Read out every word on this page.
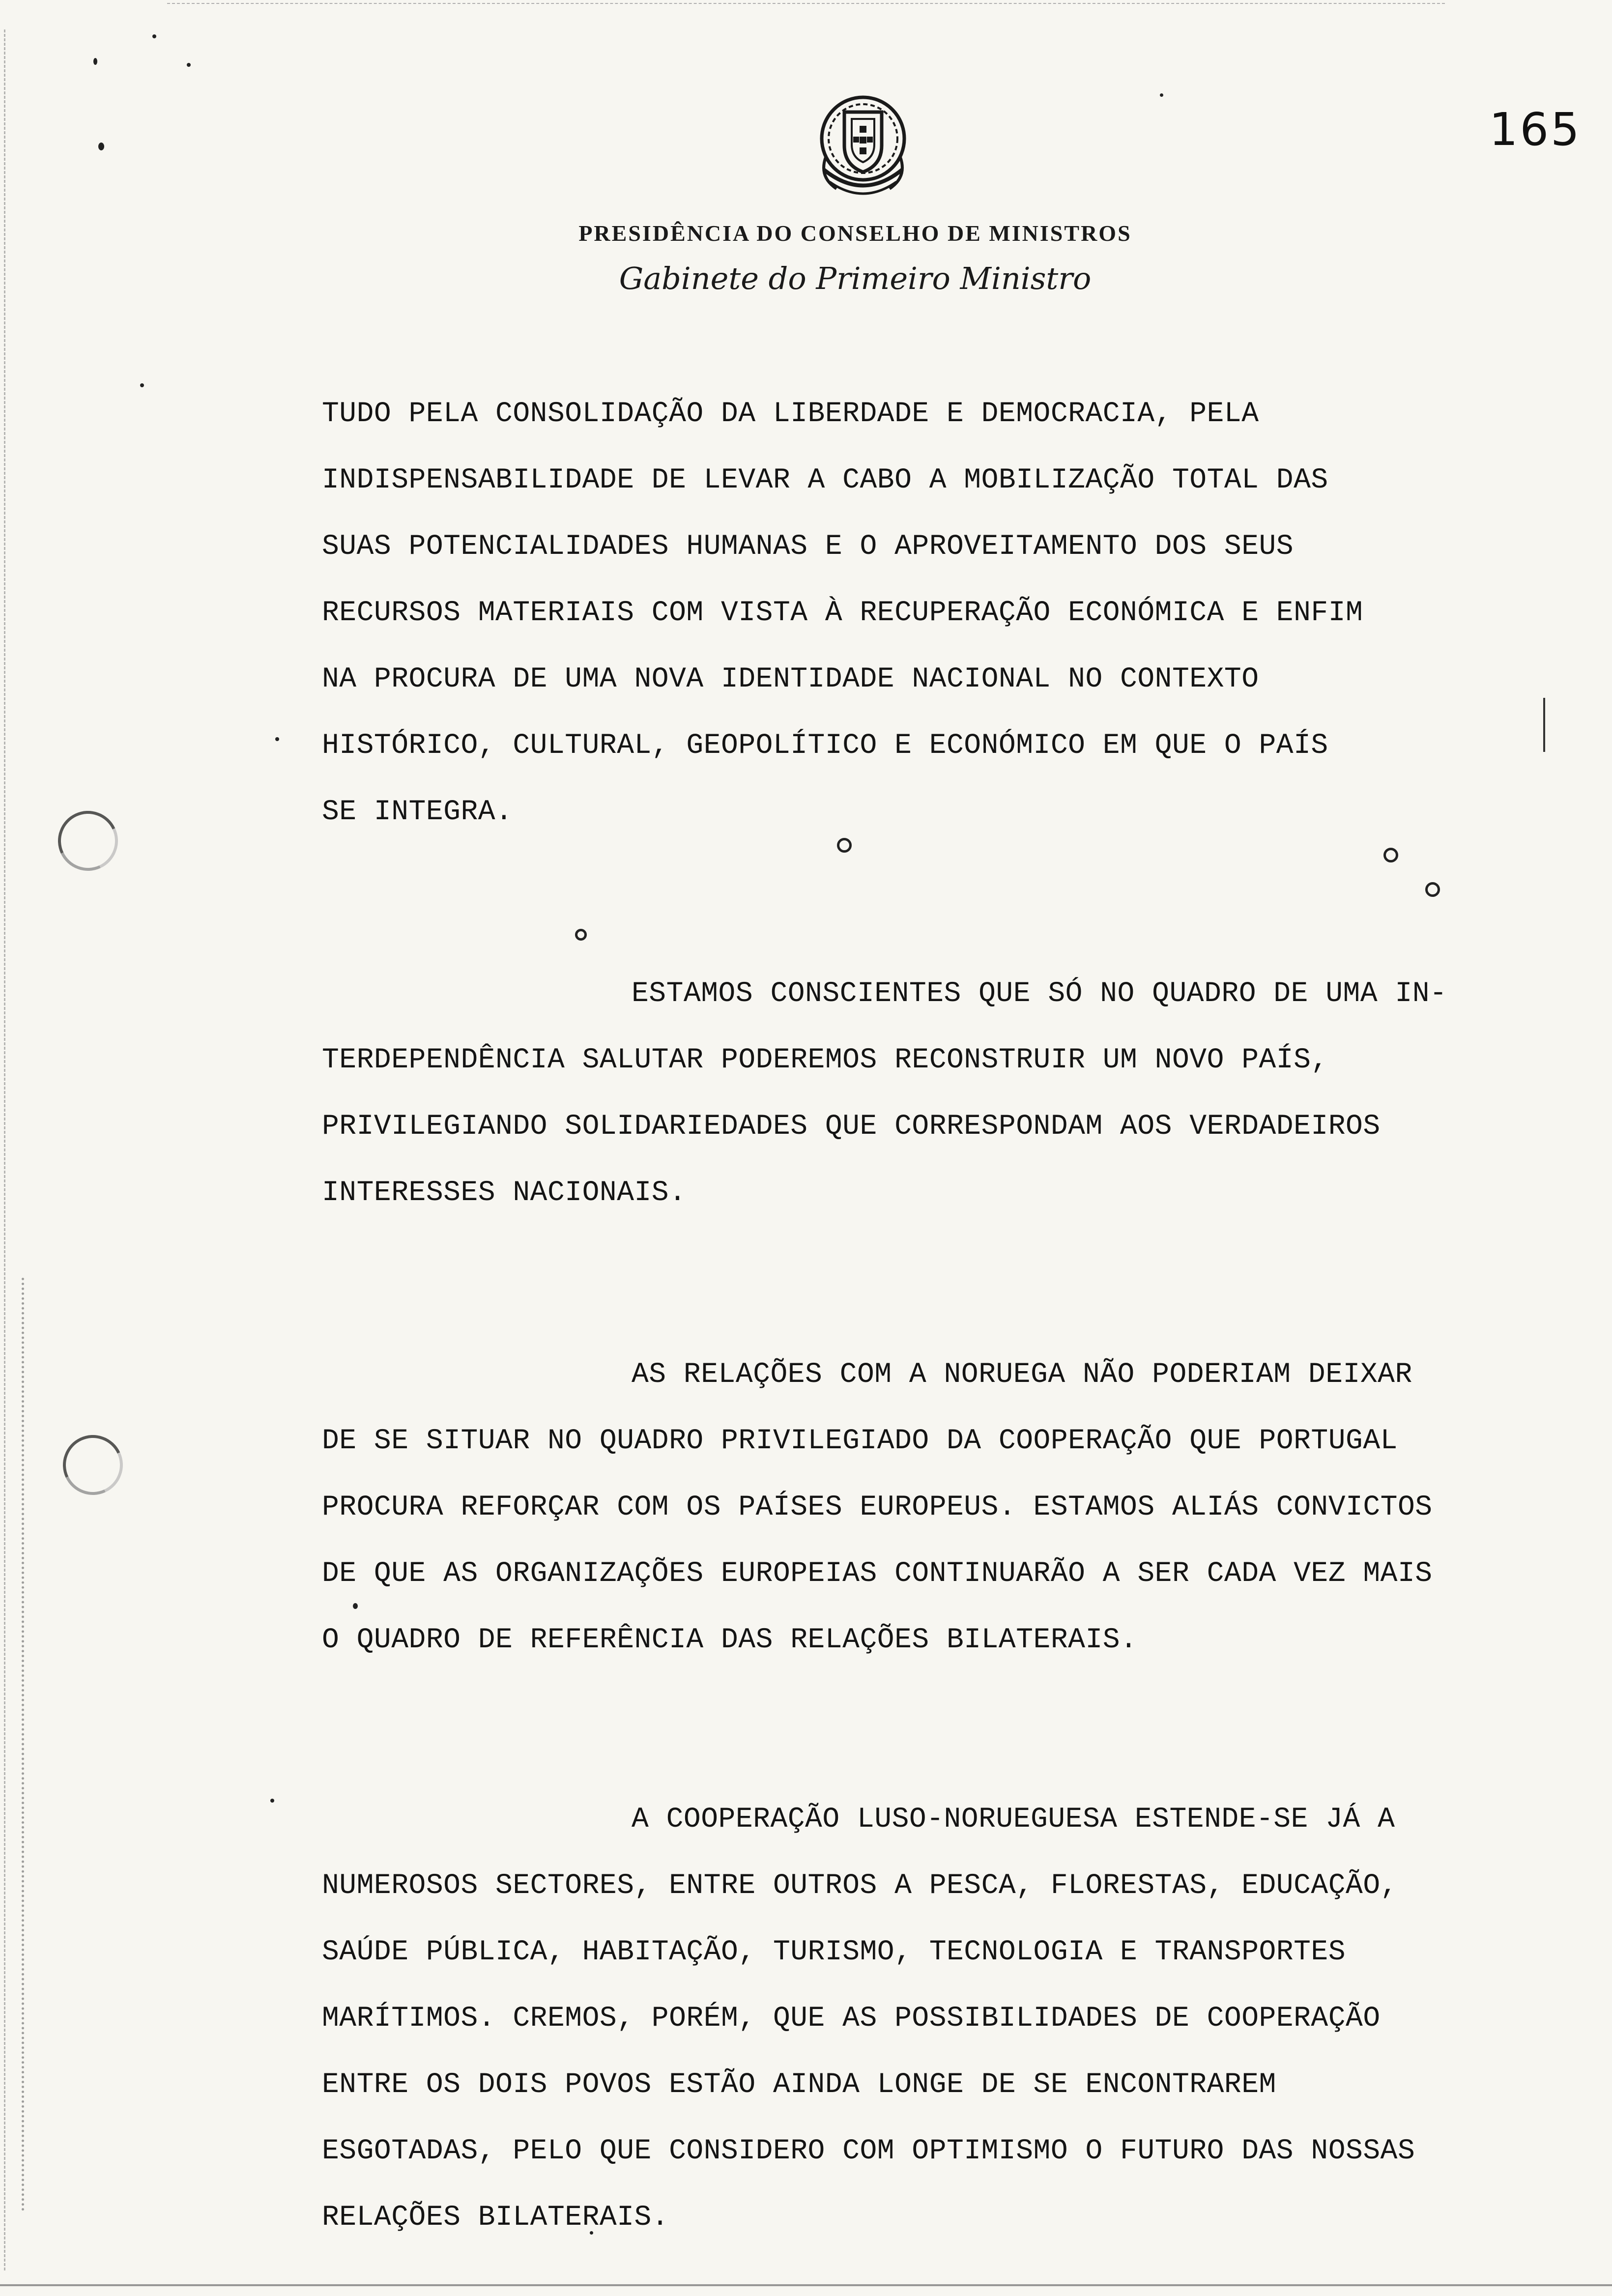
165
PRESIDÊNCIA DO CONSELHO DE MINISTROS
Gabinete do Primeiro Ministro

TUDO PELA CONSOLIDAÇÃO DA LIBERDADE E DEMOCRACIA, PELA
INDISPENSABILIDADE DE LEVAR A CABO A MOBILIZAÇÃO TOTAL DAS
SUAS POTENCIALIDADES HUMANAS E O APROVEITAMENTO DOS SEUS
RECURSOS MATERIAIS COM VISTA À RECUPERAÇÃO ECONÓMICA E ENFIM
NA PROCURA DE UMA NOVA IDENTIDADE NACIONAL NO CONTEXTO
HISTÓRICO, CULTURAL, GEOPOLÍTICO E ECONÓMICO EM QUE O PAÍS
SE INTEGRA.

ESTAMOS CONSCIENTES QUE SÓ NO QUADRO DE UMA IN-
TERDEPENDÊNCIA SALUTAR PODEREMOS RECONSTRUIR UM NOVO PAÍS,
PRIVILEGIANDO SOLIDARIEDADES QUE CORRESPONDAM AOS VERDADEIROS
INTERESSES NACIONAIS.

AS RELAÇÕES COM A NORUEGA NÃO PODERIAM DEIXAR
DE SE SITUAR NO QUADRO PRIVILEGIADO DA COOPERAÇÃO QUE PORTUGAL
PROCURA REFORÇAR COM OS PAÍSES EUROPEUS. ESTAMOS ALIÁS CONVICTOS
DE QUE AS ORGANIZAÇÕES EUROPEIAS CONTINUARÃO A SER CADA VEZ MAIS
O QUADRO DE REFERÊNCIA DAS RELAÇÕES BILATERAIS.

A COOPERAÇÃO LUSO-NORUEGUESA ESTENDE-SE JÁ A
NUMEROSOS SECTORES, ENTRE OUTROS A PESCA, FLORESTAS, EDUCAÇÃO,
SAÚDE PÚBLICA, HABITAÇÃO, TURISMO, TECNOLOGIA E TRANSPORTES
MARÍTIMOS. CREMOS, PORÉM, QUE AS POSSIBILIDADES DE COOPERAÇÃO
ENTRE OS DOIS POVOS ESTÃO AINDA LONGE DE SE ENCONTRAREM
ESGOTADAS, PELO QUE CONSIDERO COM OPTIMISMO O FUTURO DAS NOSSAS
RELAÇÕES BILATERAIS.
